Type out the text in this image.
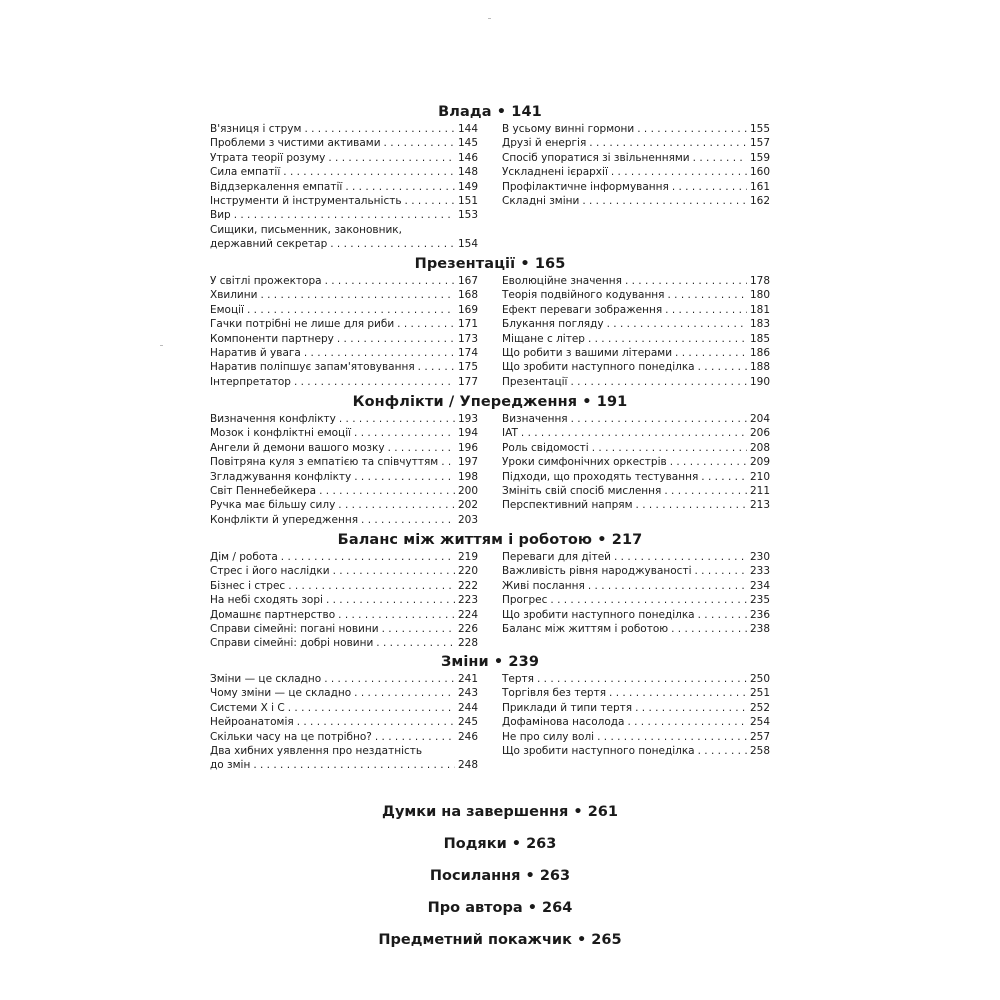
Влада • 141
В'язниця і струм . . .	144
Проблеми з чистими активами . . .	145
Утрата теорії розуму . . .	146
Сила емпатії . . .	148
Віддзеркалення емпатії . . .	149
Інструменти й інструментальність . . .	151
Вир . . .	153
Сищики, письменник, законовник,
державний секретар . . .	154
В усьому винні гормони . . .	155
Друзі й енергія . . .	157
Спосіб упоратися зі звільненнями . . .	159
Ускладнені ієрархії . . .	160
Профілактичне інформування . . .	161
Складні зміни . . .	162
Презентації • 165
У світлі прожектора . . .	167
Хвилини . . .	168
Емоції . . .	169
Гачки потрібні не лише для риби . . .	171
Компоненти партнеру . . .	173
Наратив й увага . . .	174
Наратив поліпшує запам'ятовування . . .	175
Інтерпретатор . . .	177
Еволюційне значення . . .	178
Теорія подвійного кодування . . .	180
Ефект переваги зображення . . .	181
Блукання погляду . . .	183
Міщане с літер . . .	185
Що робити з вашими літерами . . .	186
Що зробити наступного понеділка . . .	188
Презентації . . .	190
Конфлікти / Упередження • 191
Визначення конфлікту . . .	193
Мозок і конфліктні емоції . . .	194
Ангели й демони вашого мозку . . .	196
Повітряна куля з емпатією та співчуттям . . . 197
Згладжування конфлікту . . .	198
Світ Пеннебейкера . . .	200
Ручка має більшу силу . . .	202
Конфлікти й упередження . . .	203
Визначення . . .	204
IAT . . .	206
Роль свідомості . . .	208
Уроки симфонічних оркестрів . . .	209
Підходи, що проходять тестування . . .	210
Змініть свій спосіб мислення . . .	211
Перспективний напрям . . .	213
Баланс між життям і роботою • 217
Дім / робота . . .	219
Стрес і його наслідки . . .	220
Бізнес і стрес . . .	222
На небі сходять зорі . . .	223
Домашнє партнерство . . .	224
Справи сімейні: погані новини . . .	226
Справи сімейні: добрі новини . . .	228
Переваги для дітей . . .	230
Важливість рівня народжуваності . . .	233
Живі послання . . .	234
Прогрес . . .	235
Що зробити наступного понеділка . . .	236
Баланс між життям і роботою . . .	238
Зміни • 239
Зміни — це складно . . .	241
Чому зміни — це складно . . .	243
Системи Х і С . . .	244
Нейроанатомія . . .	245
Скільки часу на це потрібно? . . .	246
Два хибних уявлення про нездатність
до змін . . .	248
Тертя . . .	250
Торгівля без тертя . . .	251
Приклади й типи тертя . . .	252
Дофамінова насолода . . .	254
Не про силу волі . . .	257
Що зробити наступного понеділка . . .	258
Думки на завершення • 261
Подяки • 263
Посилання • 263
Про автора • 264
Предметний покажчик • 265
